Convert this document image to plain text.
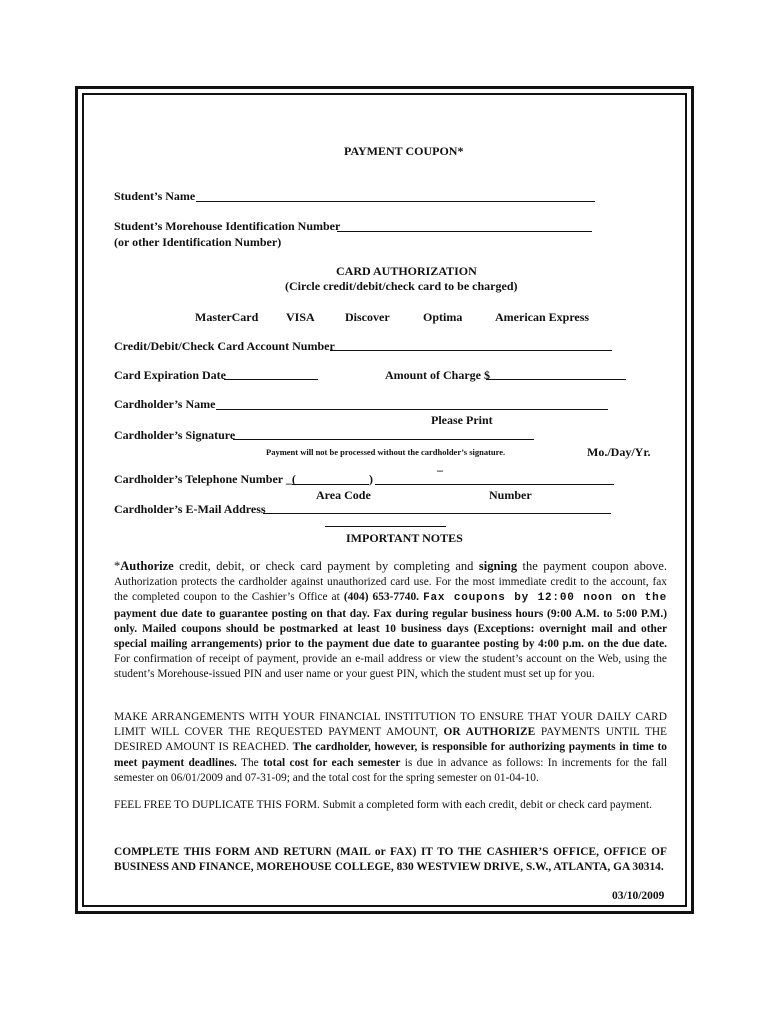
PAYMENT COUPON*
Student’s Name
Student’s Morehouse Identification Number
(or other Identification Number)
CARD AUTHORIZATION
(Circle credit/debit/check card to be charged)
MasterCard VISA	Discover	Optima	American Express
Credit/Debit/Check Card Account Number
Card Expiration Date	Amount of Charge $
Cardholder’s Name
Please Print
Cardholder’s Signature
Payment will not be processed without the cardholder’s signature.	Mo./Day/Yr.
_
Cardholder’s Telephone Number _(	)
Area Code	Number
Cardholder’s E-Mail Address
IMPORTANT NOTES
*Authorize credit, debit, or check card payment by completing and signing the payment coupon above. Authorization protects the cardholder against unauthorized card use. For the most immediate credit to the account, fax the completed coupon to the Cashier’s Office at (404) 653-7740. Fax coupons by 12:00 noon on the payment due date to guarantee posting on that day. Fax during regular business hours (9:00 A.M. to 5:00 P.M.) only. Mailed coupons should be postmarked at least 10 business days (Exceptions: overnight mail and other special mailing arrangements) prior to the payment due date to guarantee posting by 4:00 p.m. on the due date. For confirmation of receipt of payment, provide an e-mail address or view the student’s account on the Web, using the student’s Morehouse-issued PIN and user name or your guest PIN, which the student must set up for you.
MAKE ARRANGEMENTS WITH YOUR FINANCIAL INSTITUTION TO ENSURE THAT YOUR DAILY CARD LIMIT WILL COVER THE REQUESTED PAYMENT AMOUNT, OR AUTHORIZE PAYMENTS UNTIL THE DESIRED AMOUNT IS REACHED. The cardholder, however, is responsible for authorizing payments in time to meet payment deadlines. The total cost for each semester is due in advance as follows: In increments for the fall semester on 06/01/2009 and 07-31-09; and the total cost for the spring semester on 01-04-10.
FEEL FREE TO DUPLICATE THIS FORM. Submit a completed form with each credit, debit or check card payment.
COMPLETE THIS FORM AND RETURN (MAIL or FAX) IT TO THE CASHIER’S OFFICE, OFFICE OF BUSINESS AND FINANCE, MOREHOUSE COLLEGE, 830 WESTVIEW DRIVE, S.W., ATLANTA, GA 30314.
03/10/2009
